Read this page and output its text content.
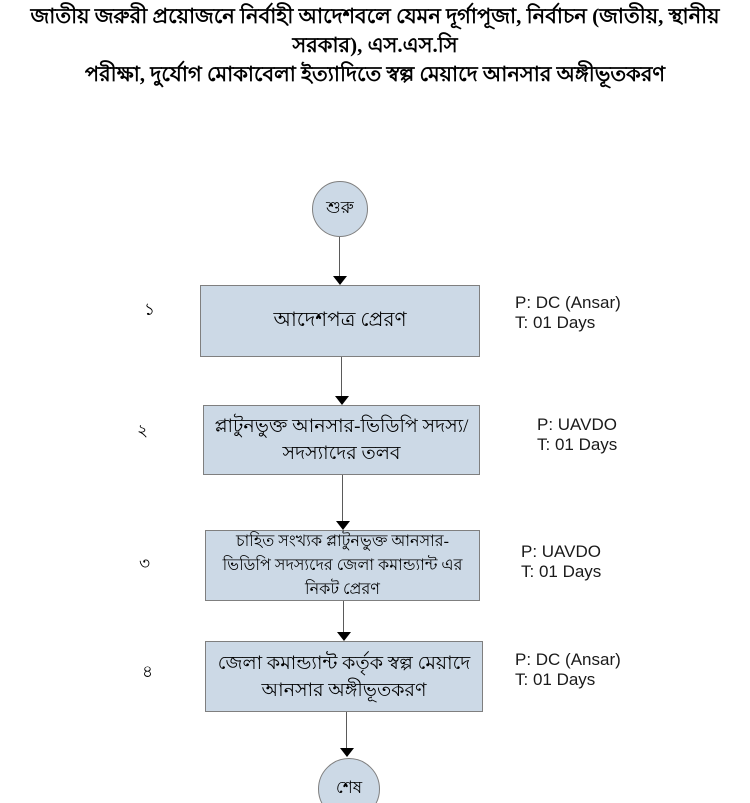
জাতীয় জরুরী প্রয়োজনে নির্বাহী আদেশবলে যেমন দূর্গাপূজা, নির্বাচন (জাতীয়, স্থানীয় সরকার), এস.এস.সি
পরীক্ষা, দুর্যোগ মোকাবেলা ইত্যাদিতে স্বল্প মেয়াদে আনসার অঙ্গীভূতকরণ
শুরু
১	আদেশপত্র প্রেরণ
P: DC (Ansar)
T: 01 Days
২	প্লাটুনভুক্ত আনসার-ভিডিপি সদস্য/ সদস্যাদের তলব
P: UAVDO
T: 01 Days
৩
চাহিত সংখ্যক প্লাটুনভুক্ত আনসার-ভিডিপি সদস্যদের জেলা কমান্ড্যান্ট এর নিকট প্রেরণ
P: UAVDO
T: 01 Days
৪	জেলা কমান্ড্যান্ট কর্তৃক স্বল্প মেয়াদে আনসার অঙ্গীভূতকরণ
P: DC (Ansar)
T: 01 Days
শেষ
